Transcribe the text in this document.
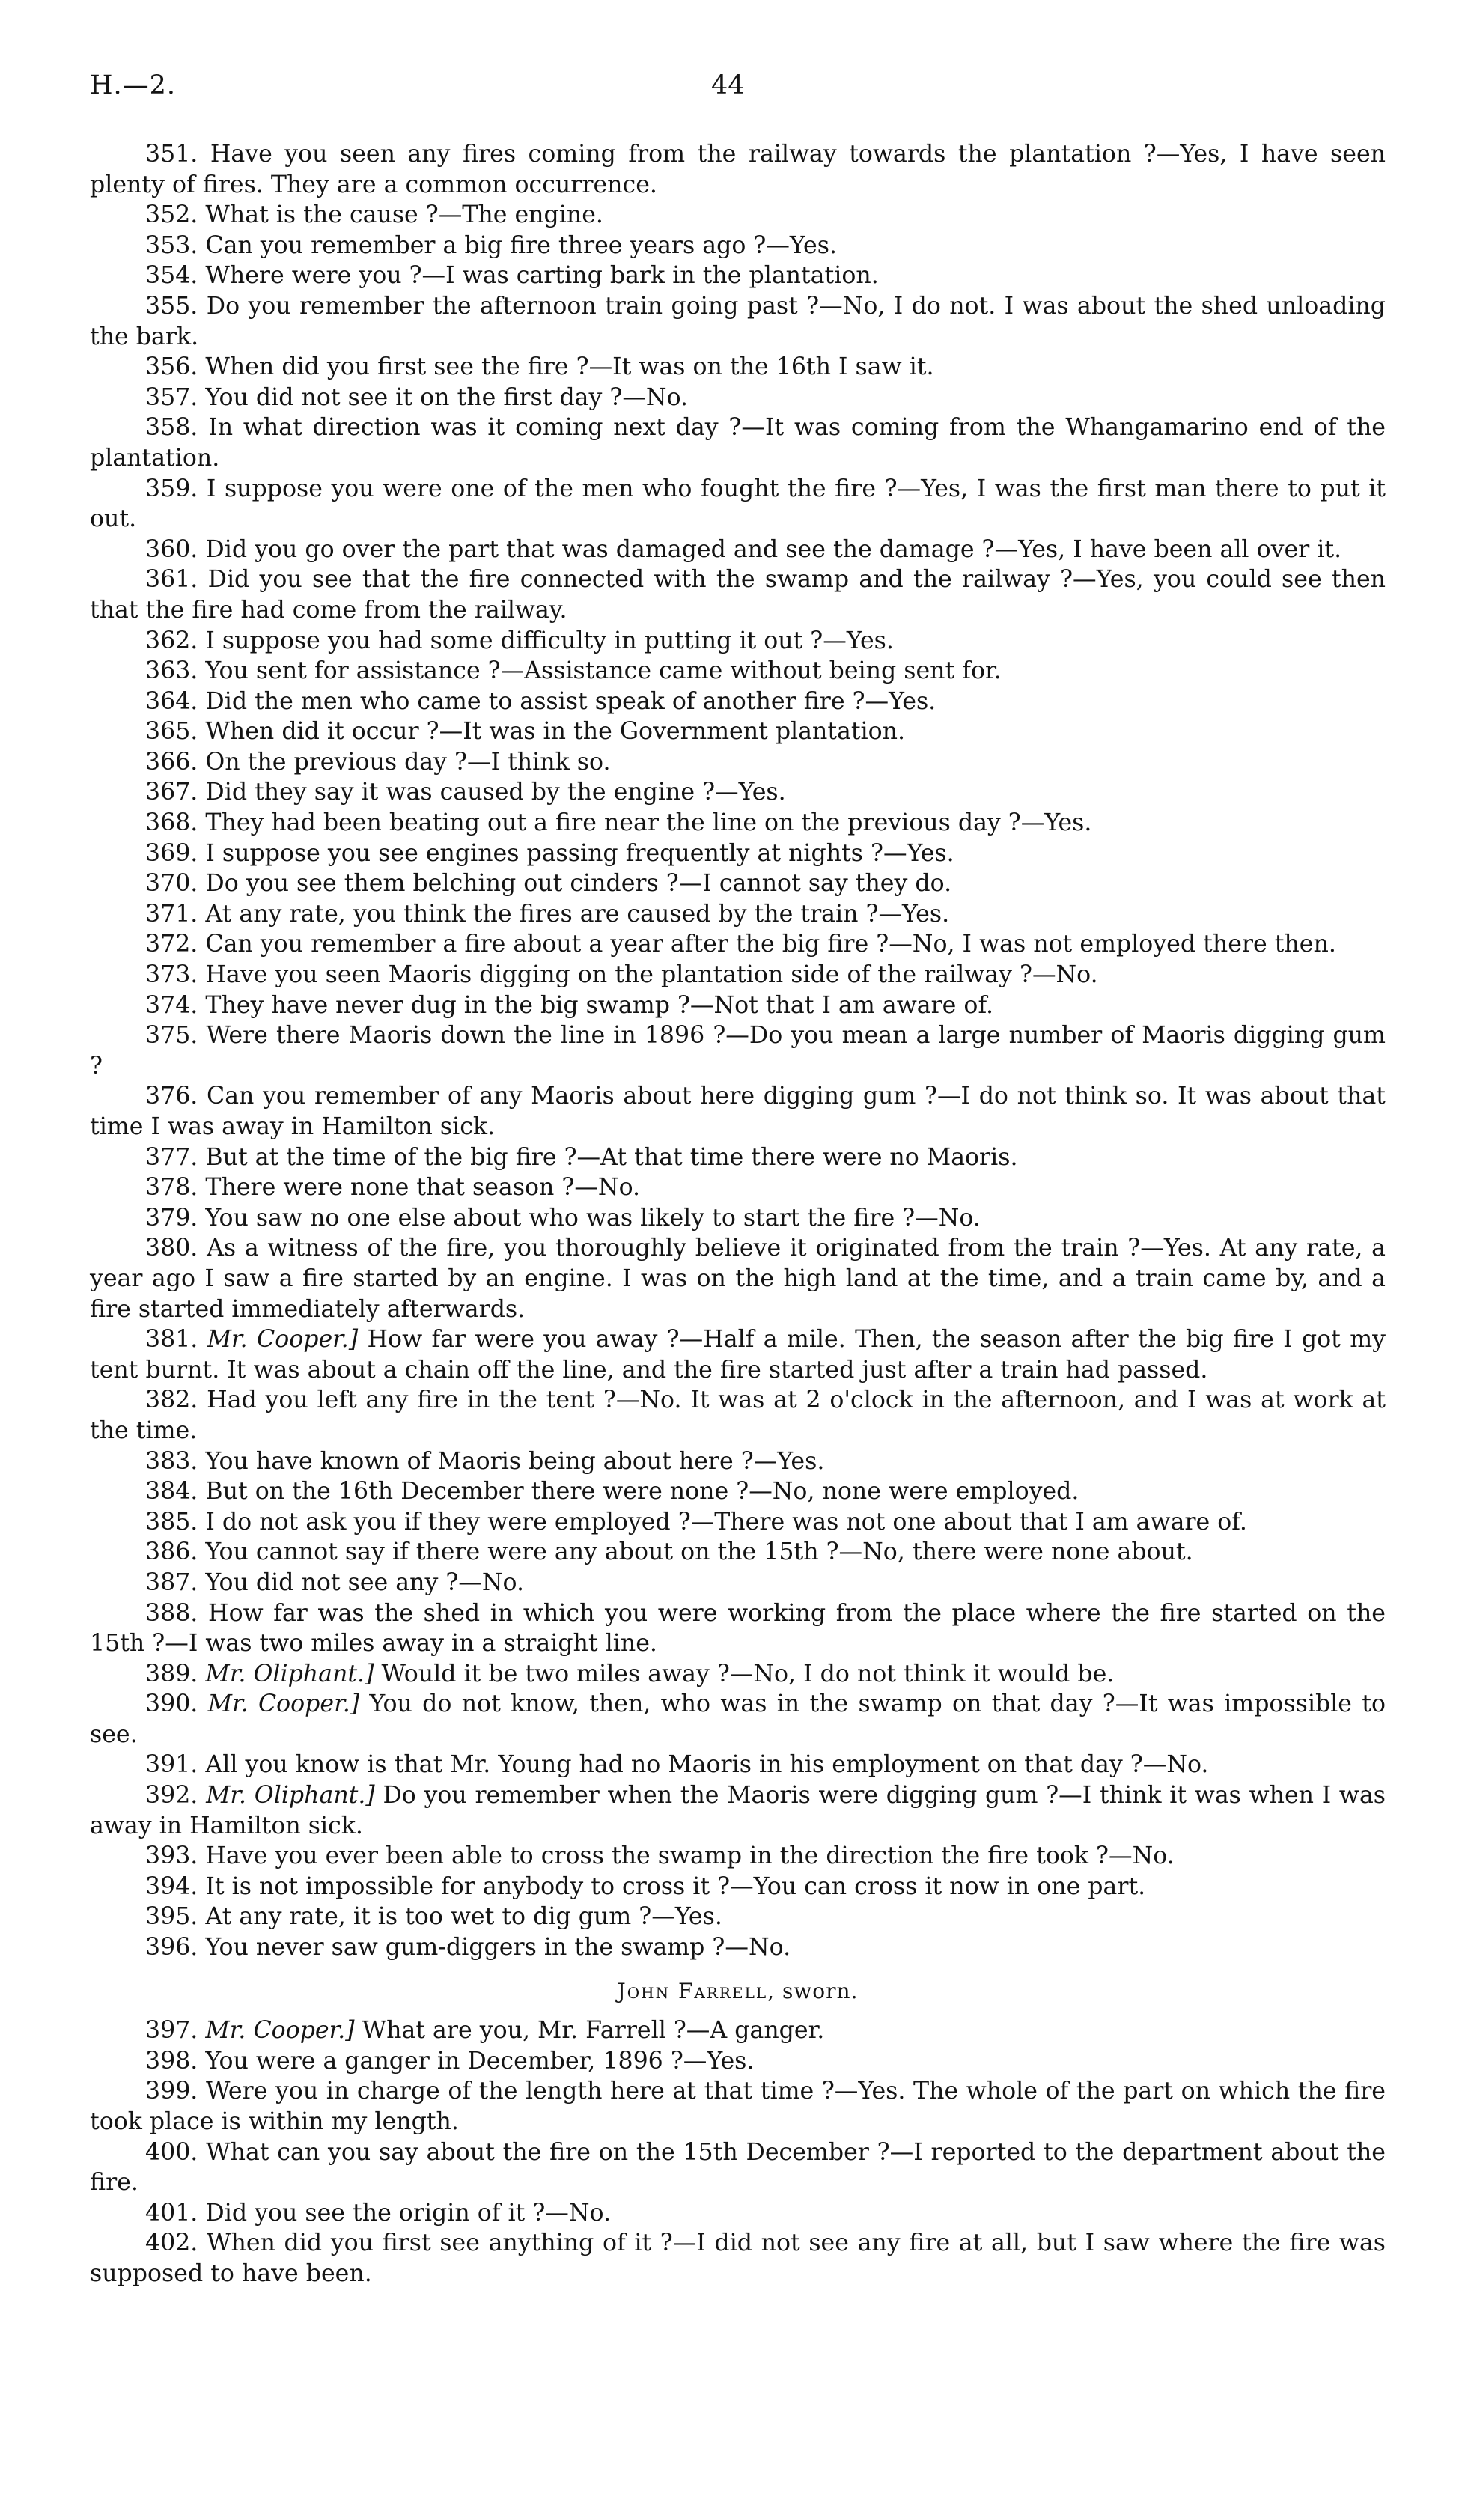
H.—2.	44

351. Have you seen any fires coming from the railway towards the plantation ?—Yes, I have seen plenty of fires. They are a common occurrence.

352. What is the cause ?—The engine.

353. Can you remember a big fire three years ago ?—Yes.

354. Where were you ?—I was carting bark in the plantation.

355. Do you remember the afternoon train going past ?—No, I do not. I was about the shed unloading the bark.

356. When did you first see the fire ?—It was on the 16th I saw it.

357. You did not see it on the first day ?—No.

358. In what direction was it coming next day ?—It was coming from the Whangamarino end of the plantation.

359. I suppose you were one of the men who fought the fire ?—Yes, I was the first man there to put it out.

360. Did you go over the part that was damaged and see the damage ?—Yes, I have been all over it.

361. Did you see that the fire connected with the swamp and the railway ?—Yes, you could see then that the fire had come from the railway.

362. I suppose you had some difficulty in putting it out ?—Yes.

363. You sent for assistance ?—Assistance came without being sent for.

364. Did the men who came to assist speak of another fire ?—Yes.

365. When did it occur ?—It was in the Government plantation.

366. On the previous day ?—I think so.

367. Did they say it was caused by the engine ?—Yes.

368. They had been beating out a fire near the line on the previous day ?—Yes.

369. I suppose you see engines passing frequently at nights ?—Yes.

370. Do you see them belching out cinders ?—I cannot say they do.

371. At any rate, you think the fires are caused by the train ?—Yes.

372. Can you remember a fire about a year after the big fire ?—No, I was not employed there then.

373. Have you seen Maoris digging on the plantation side of the railway ?—No.

374. They have never dug in the big swamp ?—Not that I am aware of.

375. Were there Maoris down the line in 1896 ?—Do you mean a large number of Maoris digging gum ?

376. Can you remember of any Maoris about here digging gum ?—I do not think so. It was about that time I was away in Hamilton sick.

377. But at the time of the big fire ?—At that time there were no Maoris.

378. There were none that season ?—No.

379. You saw no one else about who was likely to start the fire ?—No.

380. As a witness of the fire, you thoroughly believe it originated from the train ?—Yes. At any rate, a year ago I saw a fire started by an engine. I was on the high land at the time, and a train came by, and a fire started immediately afterwards.

381. Mr. Cooper.] How far were you away ?—Half a mile. Then, the season after the big fire I got my tent burnt. It was about a chain off the line, and the fire started just after a train had passed.

382. Had you left any fire in the tent ?—No. It was at 2 o'clock in the afternoon, and I was at work at the time.

383. You have known of Maoris being about here ?—Yes.

384. But on the 16th December there were none ?—No, none were employed.

385. I do not ask you if they were employed ?—There was not one about that I am aware of.

386. You cannot say if there were any about on the 15th ?—No, there were none about.

387. You did not see any ?—No.

388. How far was the shed in which you were working from the place where the fire started on the 15th ?—I was two miles away in a straight line.

389. Mr. Oliphant.] Would it be two miles away ?—No, I do not think it would be.

390. Mr. Cooper.] You do not know, then, who was in the swamp on that day ?—It was impossible to see.

391. All you know is that Mr. Young had no Maoris in his employment on that day ?—No.

392. Mr. Oliphant.] Do you remember when the Maoris were digging gum ?—I think it was when I was away in Hamilton sick.

393. Have you ever been able to cross the swamp in the direction the fire took ?—No.

394. It is not impossible for anybody to cross it ?—You can cross it now in one part.

395. At any rate, it is too wet to dig gum ?—Yes.

396. You never saw gum-diggers in the swamp ?—No.

John Farrell, sworn.

397. Mr. Cooper.] What are you, Mr. Farrell ?—A ganger.

398. You were a ganger in December, 1896 ?—Yes.

399. Were you in charge of the length here at that time ?—Yes. The whole of the part on which the fire took place is within my length.

400. What can you say about the fire on the 15th December ?—I reported to the department about the fire.

401. Did you see the origin of it ?—No.

402. When did you first see anything of it ?—I did not see any fire at all, but I saw where the fire was supposed to have been.
